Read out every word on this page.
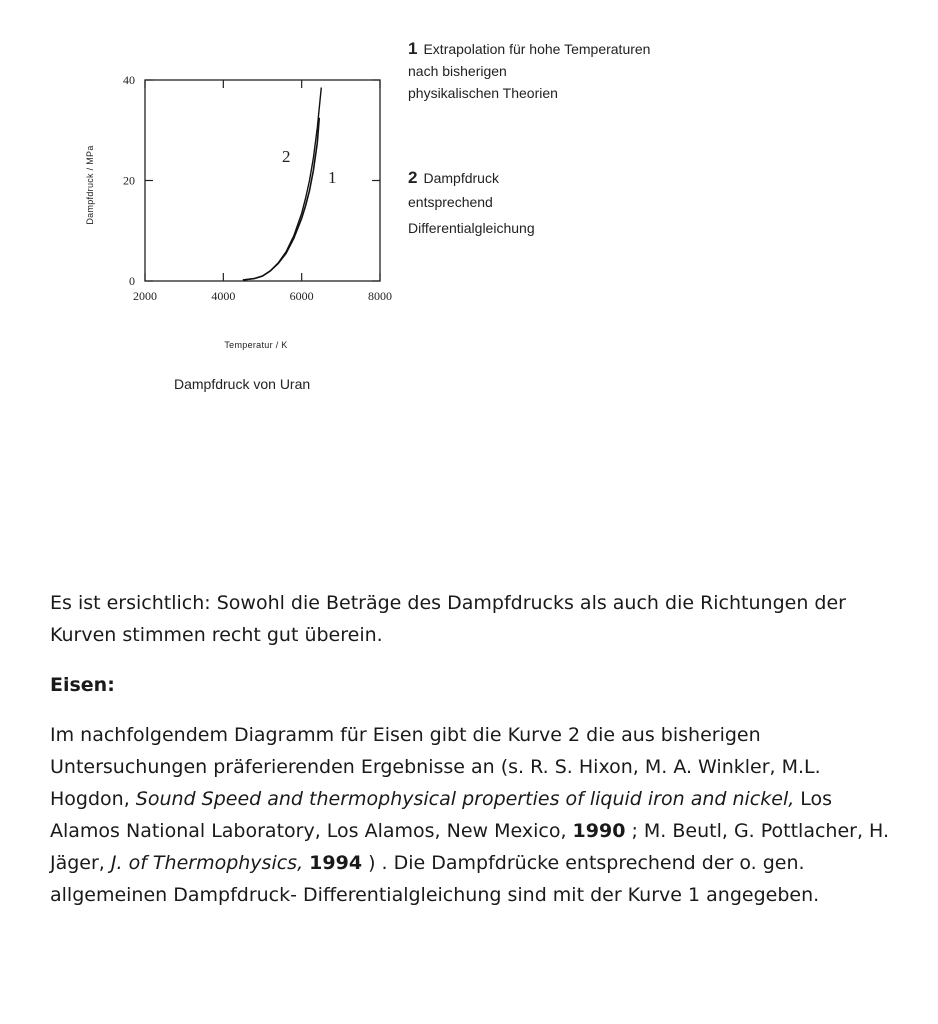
2000	4000	6000	8000
0
20
40
2
1
Temperatur / K
Dampfdruck / MPa
Dampfdruck von Uran
1 Extrapolation für hohe Temperaturen
nach bisherigen
physikalischen Theorien
2 Dampfdruck
entsprechend
Differentialgleichung

Es ist ersichtlich: Sowohl die Beträge des Dampfdrucks als auch die Richtungen der Kurven stimmen recht gut überein.

Eisen:

Im nachfolgendem Diagramm für Eisen gibt die Kurve 2 die aus bisherigen Untersuchungen präferierenden Ergebnisse an (s. R. S. Hixon, M. A. Winkler, M.L. Hogdon, Sound Speed and thermophysical properties of liquid iron and nickel, Los Alamos National Laboratory, Los Alamos, New Mexico, 1990 ; M. Beutl, G. Pottlacher, H. Jäger, J. of Thermophysics, 1994 ) . Die Dampfdrücke entsprechend der o. gen. allgemeinen Dampfdruck- Differentialgleichung sind mit der Kurve 1 angegeben.
